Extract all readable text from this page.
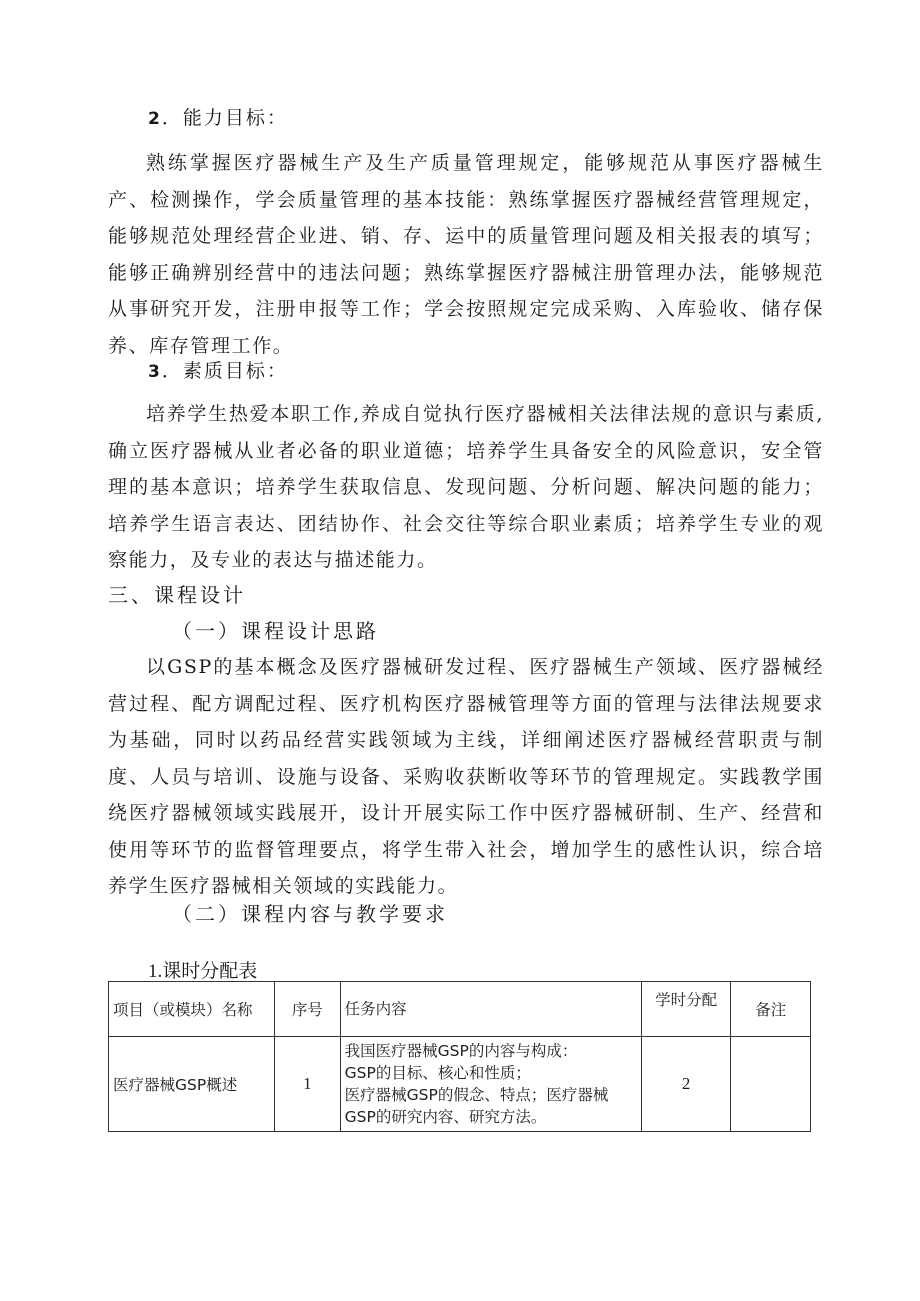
2．能力目标：

熟练掌握医疗器械生产及生产质量管理规定，能够规范从事医疗器械生产、检测操作，学会质量管理的基本技能：熟练掌握医疗器械经营管理规定，能够规范处理经营企业进、销、存、运中的质量管理问题及相关报表的填写；能够正确辨别经营中的违法问题；熟练掌握医疗器械注册管理办法，能够规范从事研究开发，注册申报等工作；学会按照规定完成采购、入库验收、储存保养、库存管理工作。

3．素质目标：

培养学生热爱本职工作,养成自觉执行医疗器械相关法律法规的意识与素质,确立医疗器械从业者必备的职业道德；培养学生具备安全的风险意识，安全管理的基本意识；培养学生获取信息、发现问题、分析问题、解决问题的能力；培养学生语言表达、团结协作、社会交往等综合职业素质；培养学生专业的观察能力，及专业的表达与描述能力。

三、课程设计
（一）课程设计思路

以GSP的基本概念及医疗器械研发过程、医疗器械生产领域、医疗器械经营过程、配方调配过程、医疗机构医疗器械管理等方面的管理与法律法规要求为基础，同时以药品经营实践领域为主线，详细阐述医疗器械经营职责与制度、人员与培训、设施与设备、采购收获断收等环节的管理规定。实践教学围绕医疗器械领域实践展开，设计开展实际工作中医疗器械研制、生产、经营和使用等环节的监督管理要点，将学生带入社会，增加学生的感性认识，综合培养学生医疗器械相关领域的实践能力。

（二）课程内容与教学要求
1.课时分配表
项目（或模块）名称	序号	任务内容	学时分配	备注
医疗器械GSP概述	1	我国医疗器械GSP的内容与构成：
GSP的目标、核心和性质；
医疗器械GSP的假念、特点；医疗器械
GSP的研究内容、研究方法。	2	
